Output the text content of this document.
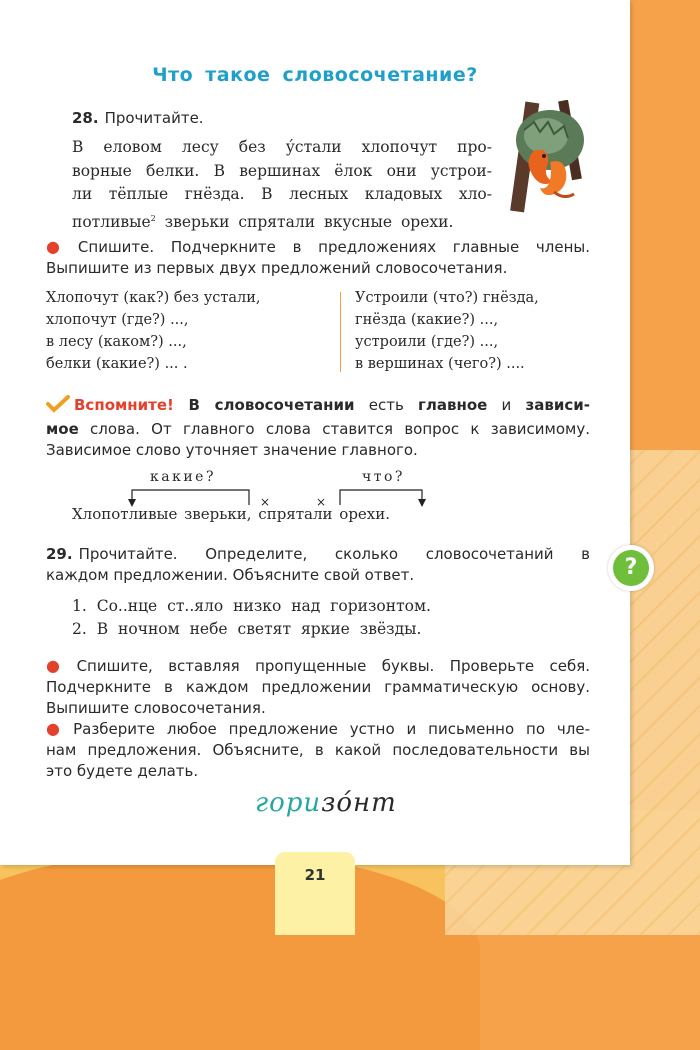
Что такое словосочетание?
28. Прочитайте.
В еловом лесу без у́стали хлопочут про-
ворные белки. В вершинах ёлок они устрои-
ли тёплые гнёзда. В лесных кладовых хло-
потливые$^2$ зверьки спрятали вкусные орехи.
● Спишите. Подчеркните в предложениях главные члены.
Выпишите из первых двух предложений словосочетания.
Хлопочут (как?) без устали,
хлопочут (где?) ...,
в лесу (каком?) ...,
белки (какие?) ... .
Устроили (что?) гнёзда,
гнёзда (какие?) ...,
устроили (где?) ...,
в вершинах (чего?) ....
Вспомните! В словосочетании есть главное и зависи-
мое слова. От главного слова ставится вопрос к зависимому.
Зависимое слово уточняет значение главного.
×	×
какие?	что?
Хлопотливые зверьки, спрятали орехи.
29. Прочитайте. Определите, сколько словосочетаний в
каждом предложении. Объясните свой ответ.
1. Со..нце ст..яло низко над горизонтом.
2. В ночном небе светят яркие звёзды.
● Спишите, вставляя пропущенные буквы. Проверьте себя.
Подчеркните в каждом предложении грамматическую основу.
Выпишите словосочетания.
● Разберите любое предложение устно и письменно по чле-
нам предложения. Объясните, в какой последовательности вы
это будете делать.
горизо́нт
21
?
